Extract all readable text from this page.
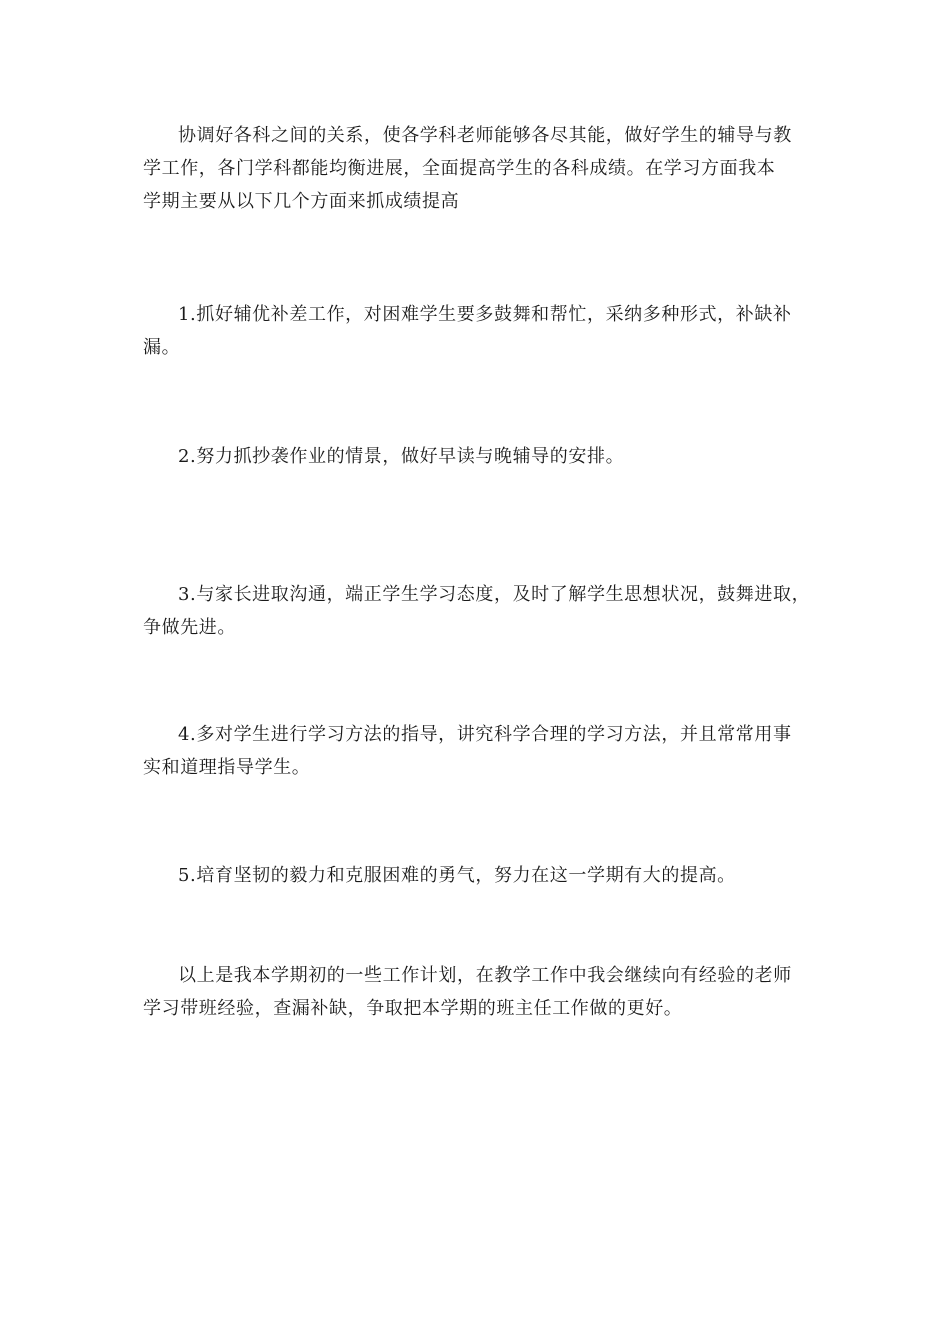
协调好各科之间的关系，使各学科老师能够各尽其能，做好学生的辅导与教
学工作，各门学科都能均衡进展，全面提高学生的各科成绩。在学习方面我本
学期主要从以下几个方面来抓成绩提高

1.抓好辅优补差工作，对困难学生要多鼓舞和帮忙，采纳多种形式，补缺补
漏。

2.努力抓抄袭作业的情景，做好早读与晚辅导的安排。

3.与家长进取沟通，端正学生学习态度，及时了解学生思想状况，鼓舞进取，
争做先进。

4.多对学生进行学习方法的指导，讲究科学合理的学习方法，并且常常用事
实和道理指导学生。

5.培育坚韧的毅力和克服困难的勇气，努力在这一学期有大的提高。

以上是我本学期初的一些工作计划，在教学工作中我会继续向有经验的老师
学习带班经验，查漏补缺，争取把本学期的班主任工作做的更好。
